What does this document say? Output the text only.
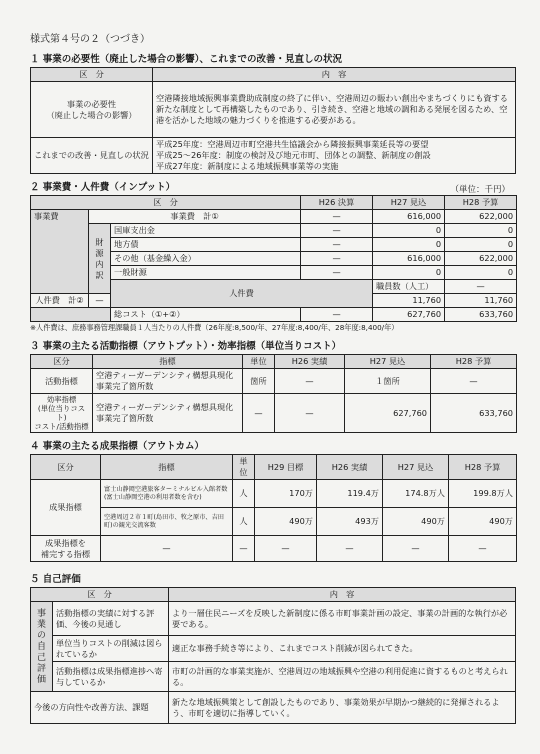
様式第４号の２（つづき）
１ 事業の必要性（廃止した場合の影響）、これまでの改善・見直しの状況
区　分	内　容
事業の必要性
（廃止した場合の影響）	空港隣接地域振興事業費助成制度の終了に伴い、空港周辺の賑わい創出やまちづくりにも資する新たな制度として再構築したものであり、引き続き、空港と地域の調和ある発展を図るため、空港を活かした地域の魅力づくりを推進する必要がある。
これまでの改善・見直しの状況	平成25年度：空港周辺市町空港共生協議会から隣接振興事業延長等の要望
平成25〜26年度：制度の検討及び地元市町、団体との調整、新制度の創設
平成27年度：新制度による地域振興事業等の実施
２ 事業費・人件費（インプット）	（単位：千円）
区　分			H26 決算	H27 見込	H28 予算	
事業費	事業費　計①		—	616,000	622,000	
	財源内訳	国庫支出金	—	0	0	
		地方債	—	0	0	
		その他（基金繰入金）	—	616,000	622,000	
		一般財源	—	0	0	
		人件費		職員数（人工）	—		
人件費　計②	—			11,760	11,760	
		総コスト（①+②）	—	627,760	633,760	
※人件費は、庶務事務管理課職員１人当たりの人件費（26年度:8,500/年、27年度:8,400/年、28年度:8,400/年）
３ 事業の主たる活動指標（アウトプット）・効率指標（単位当りコスト）
区分	指標	単位	H26 実績	H27 見込	H28 予算
活動指標	空港ティーガーデンシティ構想具現化事業完了箇所数	箇所	—	１箇所	—
効率指標
(単位当りコスト)
コスト/活動指標	空港ティーガーデンシティ構想具現化事業完了箇所数	—	—	627,760	633,760
４ 事業の主たる成果指標（アウトカム）
区分	指標	単位	H29 目標	H26 実績	H27 見込	H28 予算
成果指標	富士山静岡空港旅客ターミナルビル入館者数(富士山静岡空港の利用者数を含む)	人	170万	119.4万	174.8万人	199.8万人
	空港周辺２市１町(島田市、牧之原市、吉田町)の観光交流客数	人	490万	493万	490万	490万
成果指標を
補完する指標	—	—	—	—	—	—
５ 自己評価
区　分		内　容

事業の自己評価	活動指標の実績に対する評価、今後の見通し	より一層住民ニーズを反映した新制度に係る市町事業計画の設定、事業の計画的な執行が必要である。
	単位当りコストの削減は図られているか	適正な事務手続き等により、これまでコスト削減が図られてきた。
	活動指標は成果指標進捗へ寄与しているか	市町の計画的な事業実施が、空港周辺の地域振興や空港の利用促進に資するものと考えられる。
今後の方向性や改善方法、課題		新たな地域振興策として創設したものであり、事業効果が早期かつ継続的に発揮されるよう、市町を適切に指導していく。
